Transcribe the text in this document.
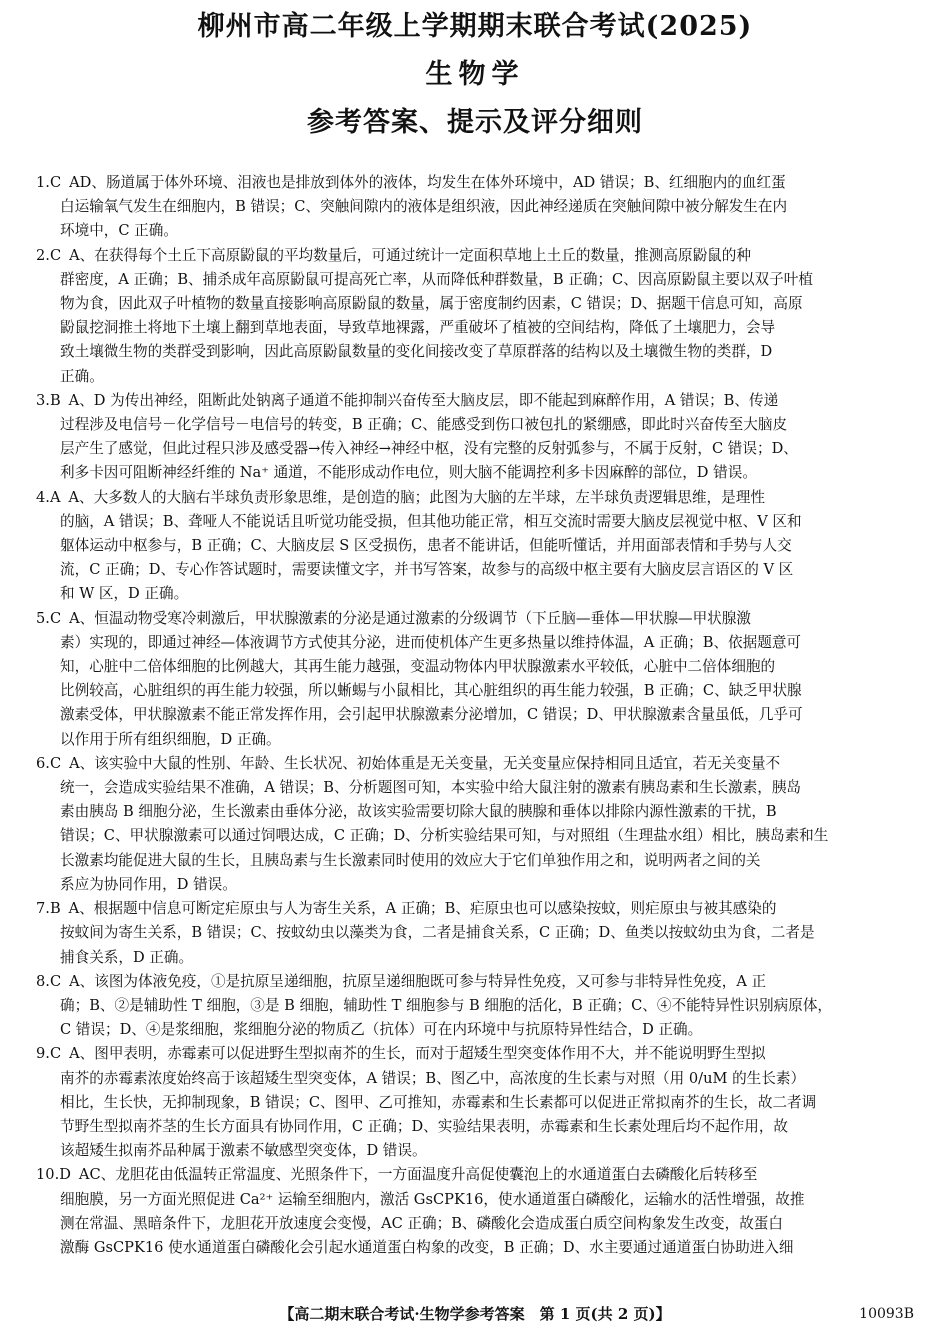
柳州市高二年级上学期期末联合考试(2025)
生物学
参考答案、提示及评分细则
1.C AD、肠道属于体外环境、泪液也是排放到体外的液体，均发生在体外环境中，AD 错误；B、红细胞内的血红蛋
白运输氧气发生在细胞内，B 错误；C、突触间隙内的液体是组织液，因此神经递质在突触间隙中被分解发生在内
环境中，C 正确。
2.C A、在获得每个土丘下高原鼢鼠的平均数量后，可通过统计一定面积草地上土丘的数量，推测高原鼢鼠的种
群密度，A 正确；B、捕杀成年高原鼢鼠可提高死亡率，从而降低种群数量，B 正确；C、因高原鼢鼠主要以双子叶植
物为食，因此双子叶植物的数量直接影响高原鼢鼠的数量，属于密度制约因素，C 错误；D、据题干信息可知，高原
鼢鼠挖洞推土将地下土壤上翻到草地表面，导致草地裸露，严重破坏了植被的空间结构，降低了土壤肥力，会导
致土壤微生物的类群受到影响，因此高原鼢鼠数量的变化间接改变了草原群落的结构以及土壤微生物的类群，D
正确。
3.B A、D 为传出神经，阻断此处钠离子通道不能抑制兴奋传至大脑皮层，即不能起到麻醉作用，A 错误；B、传递
过程涉及电信号－化学信号－电信号的转变，B 正确；C、能感受到伤口被包扎的紧绷感，即此时兴奋传至大脑皮
层产生了感觉，但此过程只涉及感受器→传入神经→神经中枢，没有完整的反射弧参与，不属于反射，C 错误；D、
利多卡因可阻断神经纤维的 Na⁺ 通道，不能形成动作电位，则大脑不能调控利多卡因麻醉的部位，D 错误。
4.A A、大多数人的大脑右半球负责形象思维，是创造的脑；此图为大脑的左半球，左半球负责逻辑思维，是理性
的脑，A 错误；B、聋哑人不能说话且听觉功能受损，但其他功能正常，相互交流时需要大脑皮层视觉中枢、V 区和
躯体运动中枢参与，B 正确；C、大脑皮层 S 区受损伤，患者不能讲话，但能听懂话，并用面部表情和手势与人交
流，C 正确；D、专心作答试题时，需要读懂文字，并书写答案，故参与的高级中枢主要有大脑皮层言语区的 V 区
和 W 区，D 正确。
5.C A、恒温动物受寒冷刺激后，甲状腺激素的分泌是通过激素的分级调节（下丘脑—垂体—甲状腺—甲状腺激
素）实现的，即通过神经—体液调节方式使其分泌，进而使机体产生更多热量以维持体温，A 正确；B、依据题意可
知，心脏中二倍体细胞的比例越大，其再生能力越强，变温动物体内甲状腺激素水平较低，心脏中二倍体细胞的
比例较高，心脏组织的再生能力较强，所以蜥蜴与小鼠相比，其心脏组织的再生能力较强，B 正确；C、缺乏甲状腺
激素受体，甲状腺激素不能正常发挥作用，会引起甲状腺激素分泌增加，C 错误；D、甲状腺激素含量虽低，几乎可
以作用于所有组织细胞，D 正确。
6.C A、该实验中大鼠的性别、年龄、生长状况、初始体重是无关变量，无关变量应保持相同且适宜，若无关变量不
统一，会造成实验结果不准确，A 错误；B、分析题图可知，本实验中给大鼠注射的激素有胰岛素和生长激素，胰岛
素由胰岛 B 细胞分泌，生长激素由垂体分泌，故该实验需要切除大鼠的胰腺和垂体以排除内源性激素的干扰，B
错误；C、甲状腺激素可以通过饲喂达成，C 正确；D、分析实验结果可知，与对照组（生理盐水组）相比，胰岛素和生
长激素均能促进大鼠的生长，且胰岛素与生长激素同时使用的效应大于它们单独作用之和，说明两者之间的关
系应为协同作用，D 错误。
7.B A、根据题中信息可断定疟原虫与人为寄生关系，A 正确；B、疟原虫也可以感染按蚊，则疟原虫与被其感染的
按蚊间为寄生关系，B 错误；C、按蚊幼虫以藻类为食，二者是捕食关系，C 正确；D、鱼类以按蚊幼虫为食，二者是
捕食关系，D 正确。
8.C A、该图为体液免疫，①是抗原呈递细胞，抗原呈递细胞既可参与特异性免疫，又可参与非特异性免疫，A 正
确；B、②是辅助性 T 细胞，③是 B 细胞，辅助性 T 细胞参与 B 细胞的活化，B 正确；C、④不能特异性识别病原体，
C 错误；D、④是浆细胞，浆细胞分泌的物质乙（抗体）可在内环境中与抗原特异性结合，D 正确。
9.C A、图甲表明，赤霉素可以促进野生型拟南芥的生长，而对于超矮生型突变体作用不大，并不能说明野生型拟
南芥的赤霉素浓度始终高于该超矮生型突变体，A 错误；B、图乙中，高浓度的生长素与对照（用 0/uM 的生长素）
相比，生长快，无抑制现象，B 错误；C、图甲、乙可推知，赤霉素和生长素都可以促进正常拟南芥的生长，故二者调
节野生型拟南芥茎的生长方面具有协同作用，C 正确；D、实验结果表明，赤霉素和生长素处理后均不起作用，故
该超矮生拟南芥品种属于激素不敏感型突变体，D 错误。
10.D AC、龙胆花由低温转正常温度、光照条件下，一方面温度升高促使囊泡上的水通道蛋白去磷酸化后转移至
细胞膜，另一方面光照促进 Ca²⁺ 运输至细胞内，激活 GsCPK16，使水通道蛋白磷酸化，运输水的活性增强，故推
测在常温、黑暗条件下，龙胆花开放速度会变慢，AC 正确；B、磷酸化会造成蛋白质空间构象发生改变，故蛋白
激酶 GsCPK16 使水通道蛋白磷酸化会引起水通道蛋白构象的改变，B 正确；D、水主要通过通道蛋白协助进入细
【高二期末联合考试·生物学参考答案　第 1 页(共 2 页)】	10093B
